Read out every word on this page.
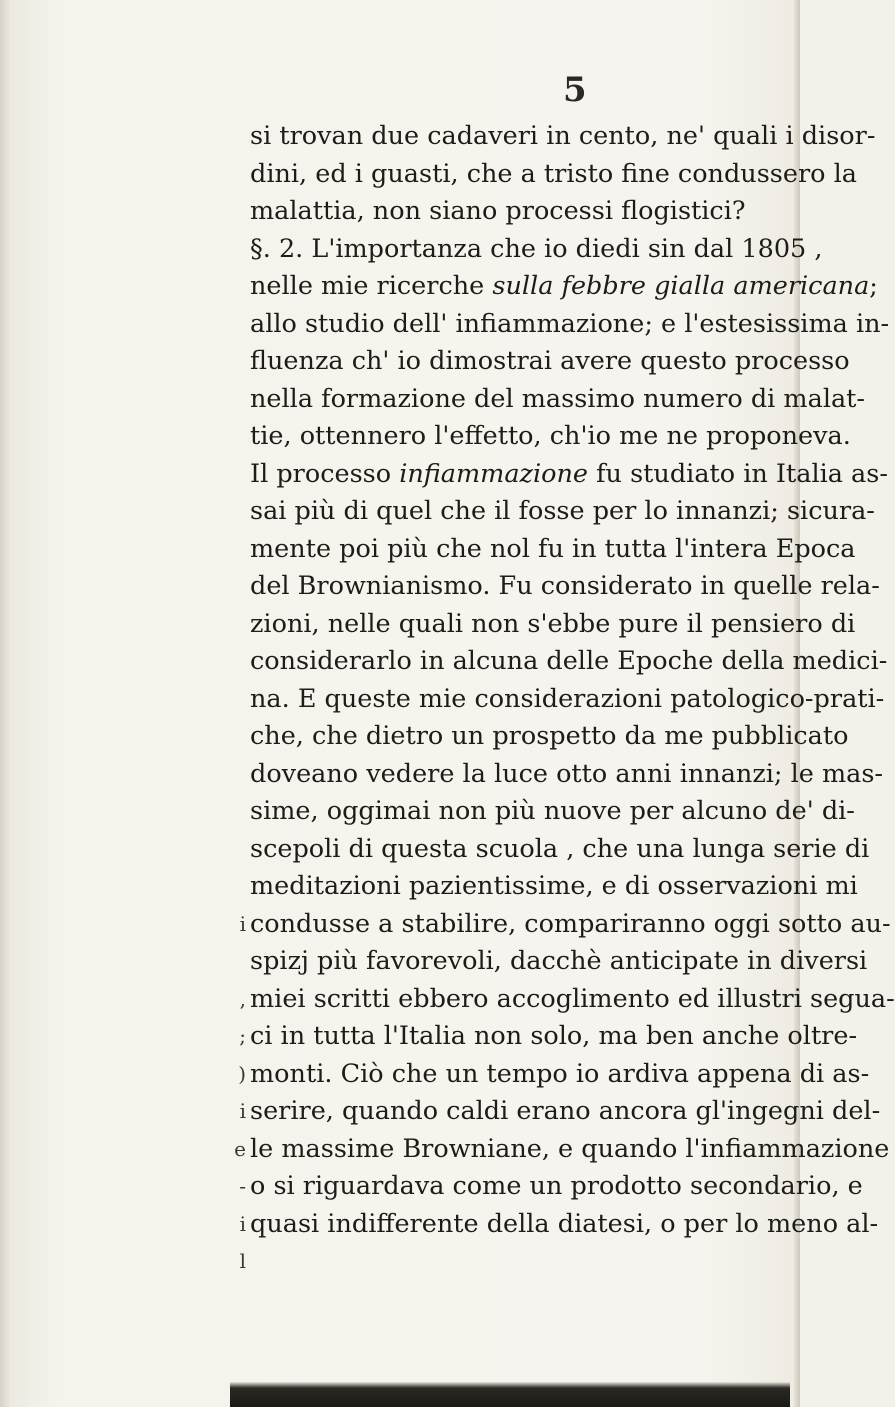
5
i
,
;
)
i
e
-
i
l
si trovan due cadaveri in cento, ne' quali i disor-
dini, ed i guasti, che a tristo fine condussero la
malattia, non siano processi flogistici?
§. 2. L'importanza che io diedi sin dal 1805 ,
nelle mie ricerche sulla febbre gialla americana;
allo studio dell' infiammazione; e l'estesissima in-
fluenza ch' io dimostrai avere questo processo
nella formazione del massimo numero di malat-
tie, ottennero l'effetto, ch'io me ne proponeva.
Il processo infiammazione fu studiato in Italia as-
sai più di quel che il fosse per lo innanzi; sicura-
mente poi più che nol fu in tutta l'intera Epoca
del Brownianismo. Fu considerato in quelle rela-
zioni, nelle quali non s'ebbe pure il pensiero di
considerarlo in alcuna delle Epoche della medici-
na. E queste mie considerazioni patologico-prati-
che, che dietro un prospetto da me pubblicato
doveano vedere la luce otto anni innanzi; le mas-
sime, oggimai non più nuove per alcuno de' di-
scepoli di questa scuola , che una lunga serie di
meditazioni pazientissime, e di osservazioni mi
condusse a stabilire, compariranno oggi sotto au-
spizj più favorevoli, dacchè anticipate in diversi
miei scritti ebbero accoglimento ed illustri segua-
ci in tutta l'Italia non solo, ma ben anche oltre-
monti. Ciò che un tempo io ardiva appena di as-
serire, quando caldi erano ancora gl'ingegni del-
le massime Browniane, e quando l'infiammazione
o si riguardava come un prodotto secondario, e
quasi indifferente della diatesi, o per lo meno al-
